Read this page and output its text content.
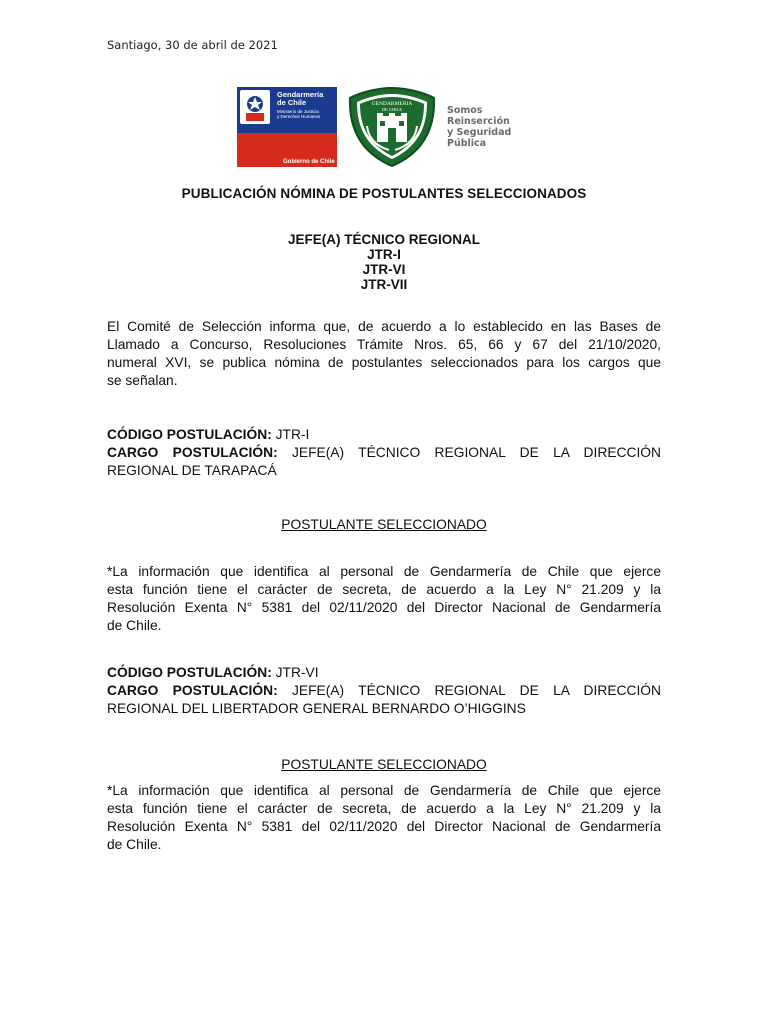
Santiago, 30 de abril de 2021
Gendarmería
de Chile
Ministerio de Justicia
y Derechos Humanos
Gobierno de Chile
GENDARMERIA
DE CHILE	Somos
Reinserción
y Seguridad
Pública
PUBLICACIÓN NÓMINA DE POSTULANTES SELECCIONADOS
JEFE(A) TÉCNICO REGIONAL
JTR-I
JTR-VI
JTR-VII
El Comité de Selección informa que, de acuerdo a lo establecido en las Bases de
Llamado a Concurso, Resoluciones Trámite Nros. 65, 66 y 67 del 21/10/2020,
numeral XVI, se publica nómina de postulantes seleccionados para los cargos que
se señalan.
CÓDIGO POSTULACIÓN: JTR-I
CARGO POSTULACIÓN: JEFE(A) TÉCNICO REGIONAL DE LA DIRECCIÓN
REGIONAL DE TARAPACÁ
POSTULANTE SELECCIONADO
*La información que identifica al personal de Gendarmería de Chile que ejerce
esta función tiene el carácter de secreta, de acuerdo a la Ley N° 21.209 y la
Resolución Exenta N° 5381 del 02/11/2020 del Director Nacional de Gendarmería
de Chile.
CÓDIGO POSTULACIÓN: JTR-VI
CARGO POSTULACIÓN: JEFE(A) TÉCNICO REGIONAL DE LA DIRECCIÓN
REGIONAL DEL LIBERTADOR GENERAL BERNARDO O’HIGGINS
POSTULANTE SELECCIONADO
*La información que identifica al personal de Gendarmería de Chile que ejerce
esta función tiene el carácter de secreta, de acuerdo a la Ley N° 21.209 y la
Resolución Exenta N° 5381 del 02/11/2020 del Director Nacional de Gendarmería
de Chile.
